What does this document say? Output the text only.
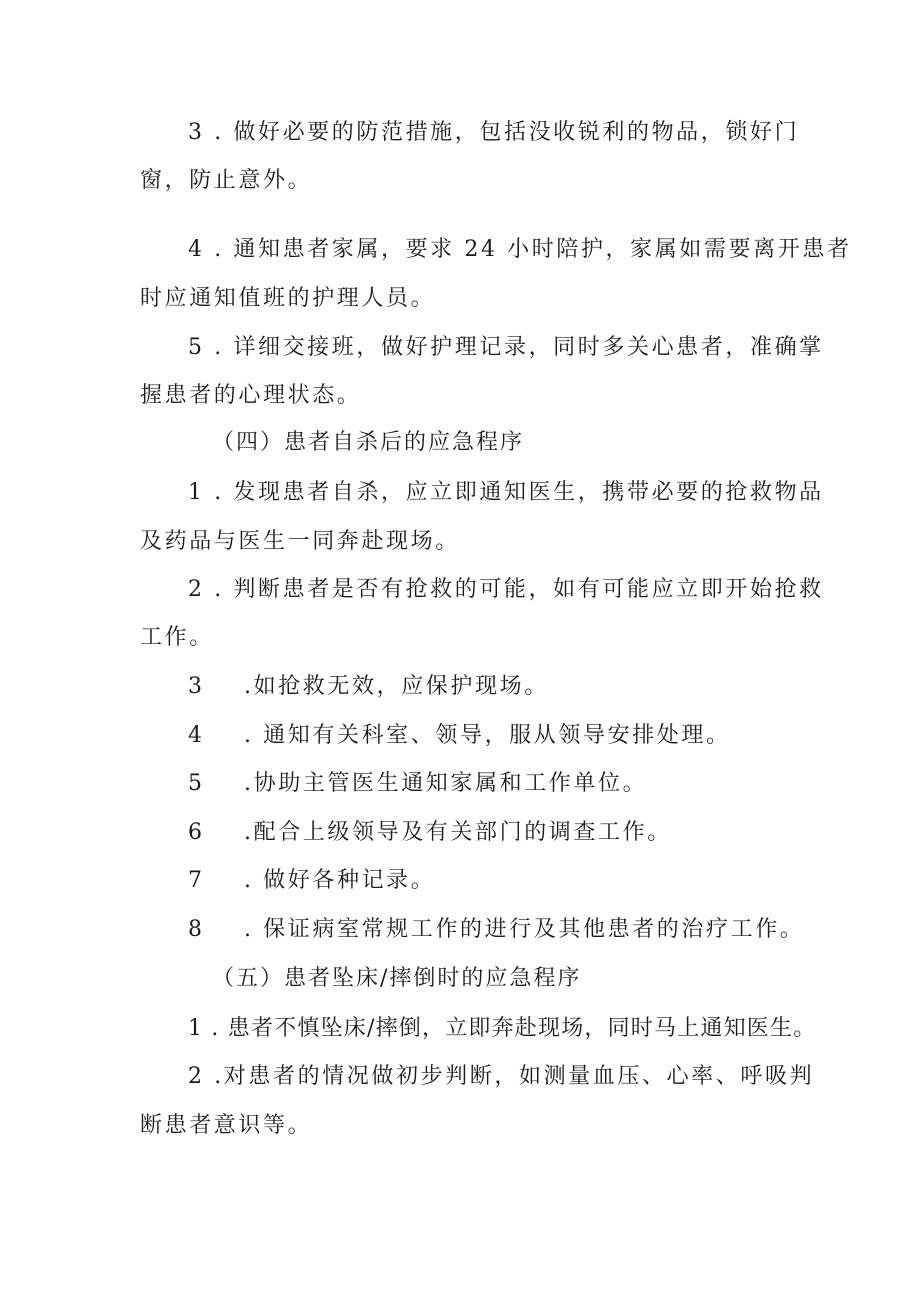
3 . 做好必要的防范措施，包括没收锐利的物品，锁好门
窗，防止意外。
4 . 通知患者家属，要求 24 小时陪护，家属如需要离开患者
时应通知值班的护理人员。
5 . 详细交接班，做好护理记录，同时多关心患者，准确掌
握患者的心理状态。
（四）患者自杀后的应急程序
1 . 发现患者自杀，应立即通知医生，携带必要的抢救物品
及药品与医生一同奔赴现场。
2 . 判断患者是否有抢救的可能，如有可能应立即开始抢救
工作。
3 .如抢救无效，应保护现场。
4 . 通知有关科室、领导，服从领导安排处理。
5 .协助主管医生通知家属和工作单位。
6 .配合上级领导及有关部门的调查工作。
7 . 做好各种记录。
8 . 保证病室常规工作的进行及其他患者的治疗工作。
（五）患者坠床/摔倒时的应急程序
1 . 患者不慎坠床/摔倒，立即奔赴现场，同时马上通知医生。
2 .对患者的情况做初步判断，如测量血压、心率、呼吸判
断患者意识等。
